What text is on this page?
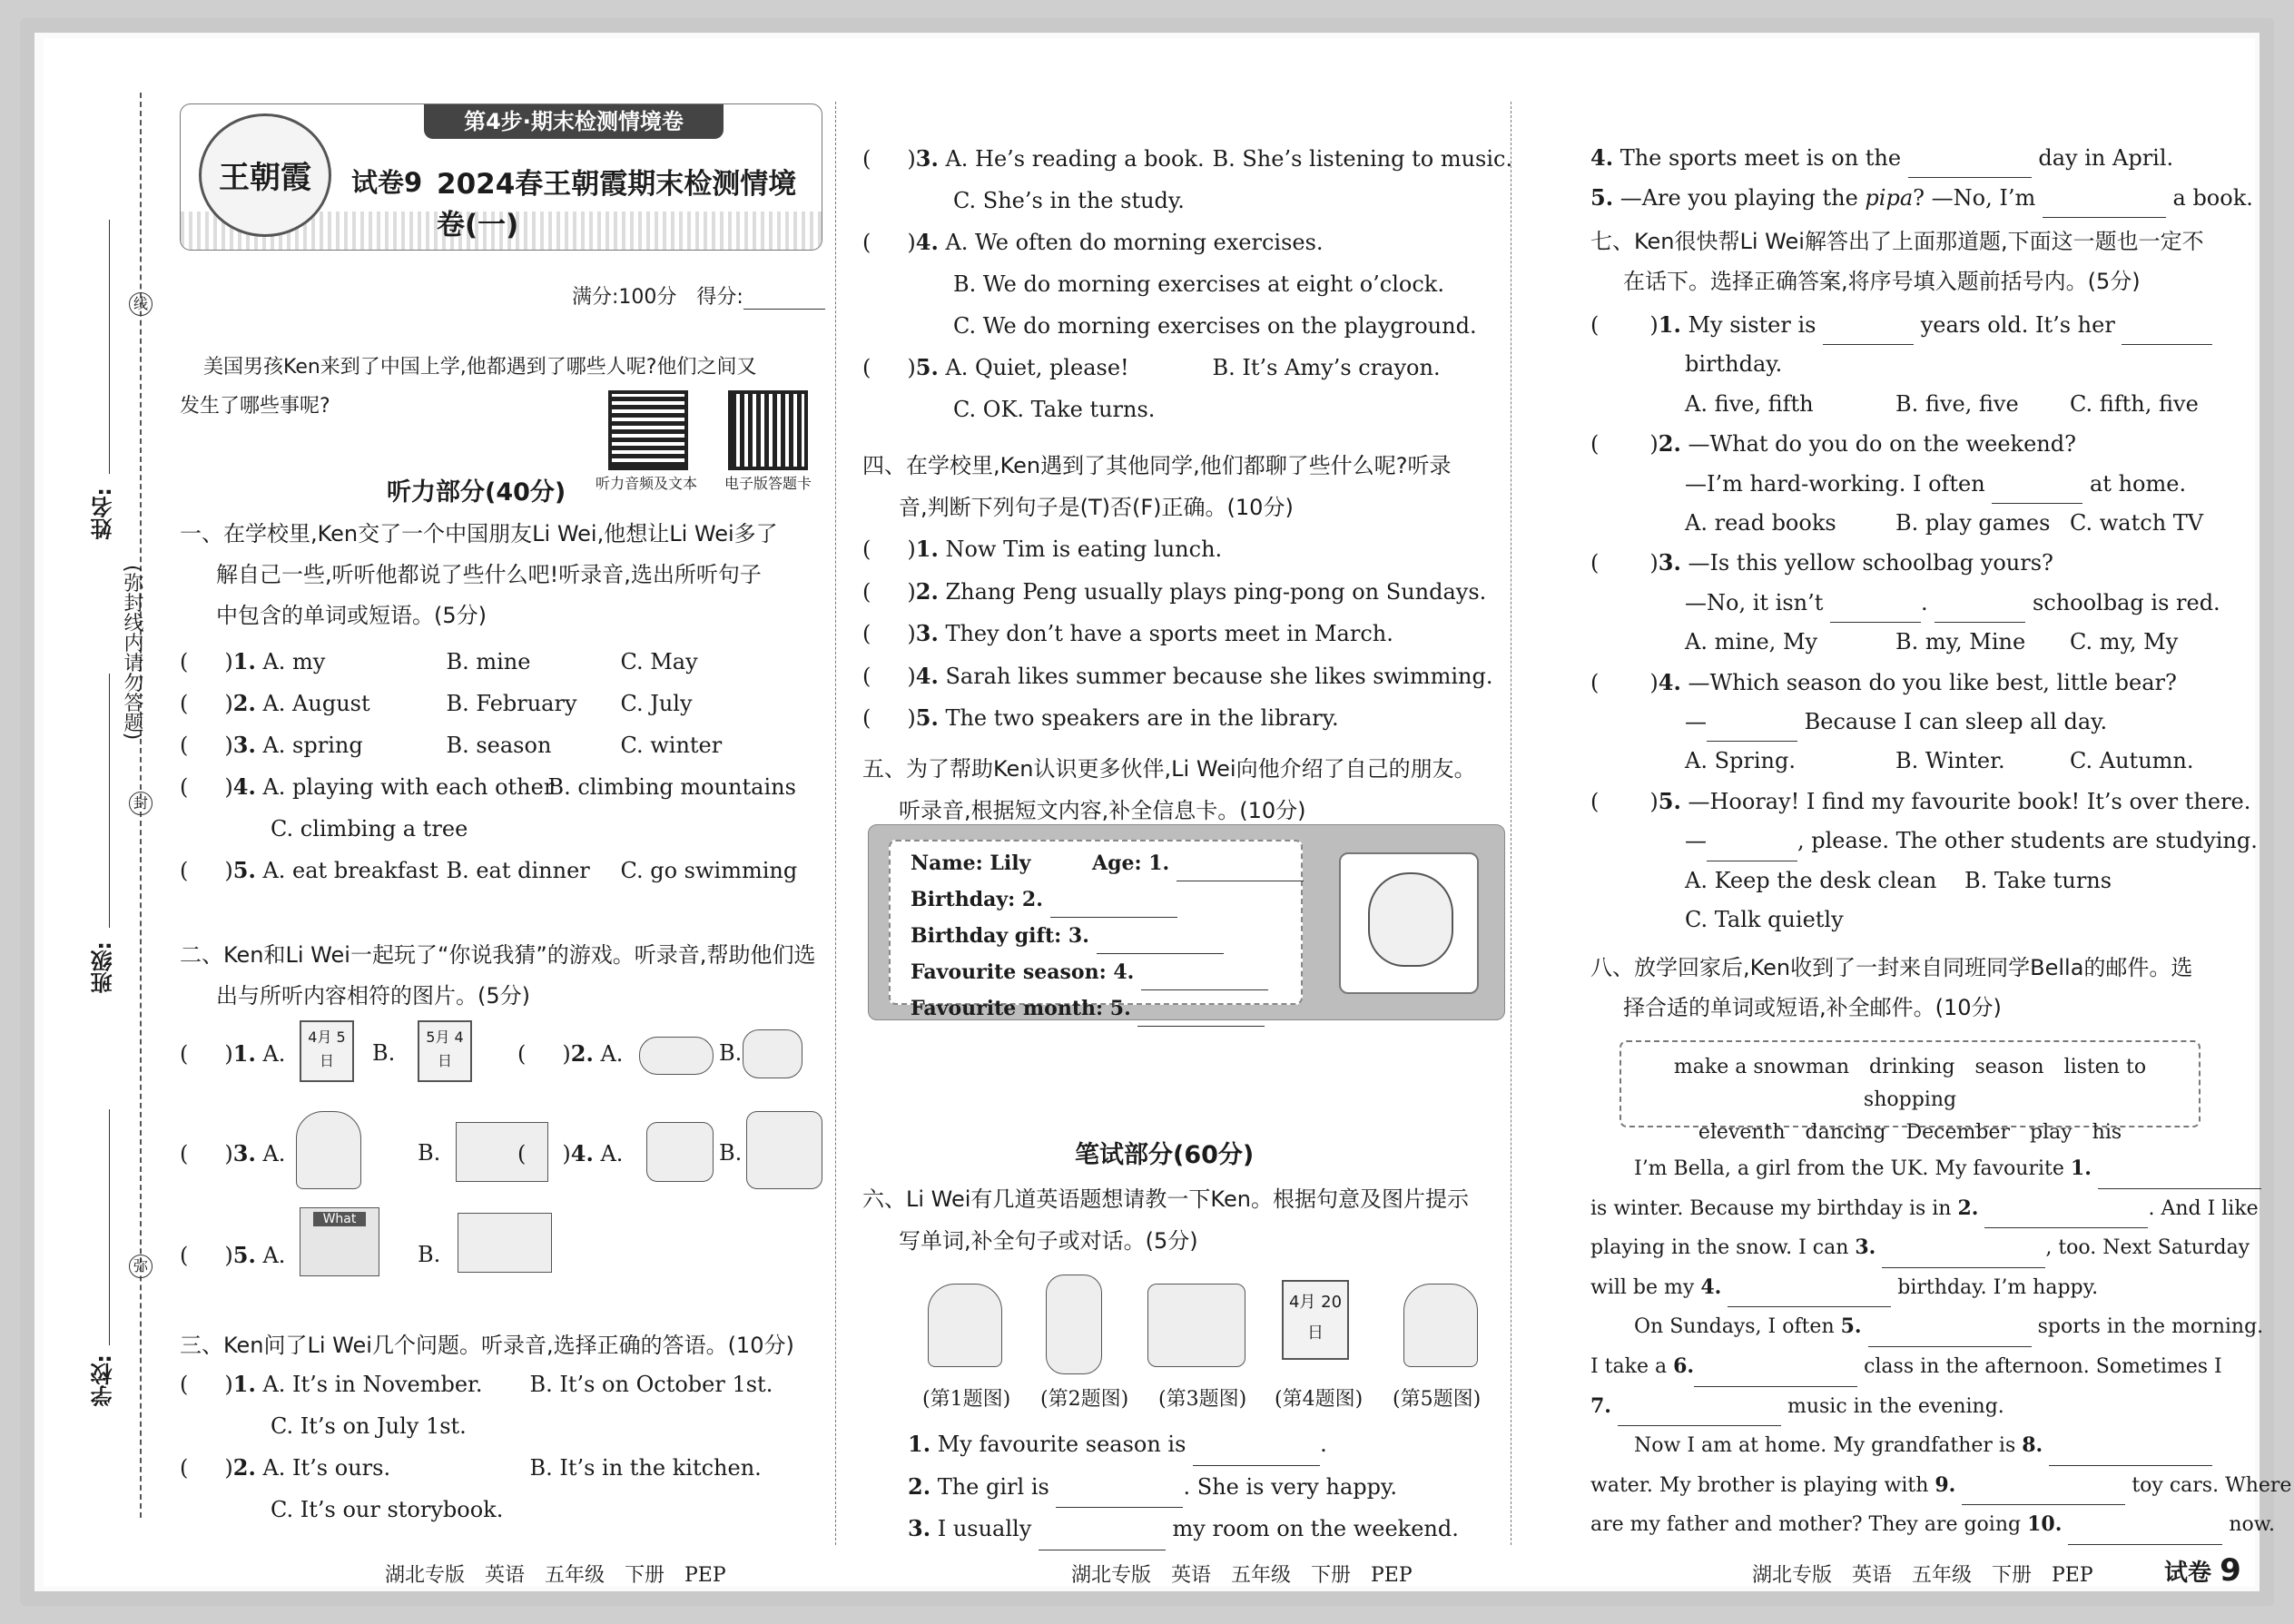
线
封
弥
(弥封线内请勿答题)
姓名:
班级:
学校:
王朝霞
第4步·期末检测情境卷
试卷9 2024春王朝霞期末检测情境卷(一)
满分:100分　得分:
美国男孩Ken来到了中国上学,他都遇到了哪些人呢?他们之间又
发生了哪些事呢?
听力音频及文本 电子版答题卡
听力部分(40分)
一、在学校里,Ken交了一个中国朋友Li Wei,他想让Li Wei多了
解自己一些,听听他都说了些什么吧!听录音,选出所听句子
中包含的单词或短语。(5分)
( )1. A. my	B. mine	C. May
( )2. A. August	B. February C. July
( )3. A. spring	B. season	C. winter
( )4. A. playing with each otherB. climbing mountains
C. climbing a tree
( )5. A. eat breakfast B. eat dinner C. go swimming
二、Ken和Li Wei一起玩了“你说我猜”的游戏。听录音,帮助他们选
出与所听内容相符的图片。(5分)
( )1. A.
4月 5日	B.
5月 4日	( )2. A.	B.
( )3. A.	B.	( )4. A.	B.
( )5. A.
What
B.
三、Ken问了Li Wei几个问题。听录音,选择正确的答语。(10分)
( )1. A. It’s in November. B. It’s on October 1st.
C. It’s on July 1st.
( )2. A. It’s ours.	B. It’s in the kitchen.
C. It’s our storybook.
( )3. A. He’s reading a book. B. She’s listening to music.
C. She’s in the study.
( )4. A. We often do morning exercises.
B. We do morning exercises at eight o’clock.
C. We do morning exercises on the playground.
( )5. A. Quiet, please!	B. It’s Amy’s crayon.
C. OK. Take turns.
四、在学校里,Ken遇到了其他同学,他们都聊了些什么呢?听录
音,判断下列句子是(T)否(F)正确。(10分)
( )1. Now Tim is eating lunch.
( )2. Zhang Peng usually plays ping-pong on Sundays.
( )3. They don’t have a sports meet in March.
( )4. Sarah likes summer because she likes swimming.
( )5. The two speakers are in the library.
五、为了帮助Ken认识更多伙伴,Li Wei向他介绍了自己的朋友。
听录音,根据短文内容,补全信息卡。(10分)
Name: Lily	Age: 1.
Birthday: 2.
Birthday gift: 3.
Favourite season: 4.
Favourite month: 5.
笔试部分(60分)
六、Li Wei有几道英语题想请教一下Ken。根据句意及图片提示
写单词,补全句子或对话。(5分)
4月 20日
(第1题图) (第2题图) (第3题图) (第4题图) (第5题图)
1. My favourite season is	.
2. The girl is	. She is very happy.
3. I usually	my room on the weekend.
4. The sports meet is on the	day in April.
5. —Are you playing the pipa? —No, I’m	a book.
七、Ken很快帮Li Wei解答出了上面那道题,下面这一题也一定不
在话下。选择正确答案,将序号填入题前括号内。(5分)
( )1. My sister is	years old. It’s her
birthday.
A. five, fifth	B. five, five C. fifth, five
( )2. —What do you do on the weekend?
—I’m hard-working. I often	at home.
A. read books	B. play games C. watch TV
( )3. —Is this yellow schoolbag yours?
—No, it isn’t	.	schoolbag is red.
A. mine, My	B. my, Mine C. my, My
( )4. —Which season do you like best, little bear?
—	Because I can sleep all day.
A. Spring.	B. Winter.	C. Autumn.
( )5. —Hooray! I find my favourite book! It’s over there.
—	, please. The other students are studying.
A. Keep the desk clean B. Take turns
C. Talk quietly
八、放学回家后,Ken收到了一封来自同班同学Bella的邮件。选
择合适的单词或短语,补全邮件。(10分)
make a snowman　drinking　season　listen to　shopping
eleventh　dancing　December　play　his
I’m Bella, a girl from the UK. My favourite 1.
is winter. Because my birthday is in 2.	. And I like
playing in the snow. I can 3.	, too. Next Saturday
will be my 4.	birthday. I’m happy.
On Sundays, I often 5.	sports in the morning.
I take a 6.	class in the afternoon. Sometimes I
7.	music in the evening.
Now I am at home. My grandfather is 8.
water. My brother is playing with 9.	toy cars. Where
are my father and mother? They are going 10.	now.
湖北专版　英语　五年级　下册　PEP	湖北专版　英语　五年级　下册　PEP	湖北专版　英语　五年级　下册　PEP	试卷 9
